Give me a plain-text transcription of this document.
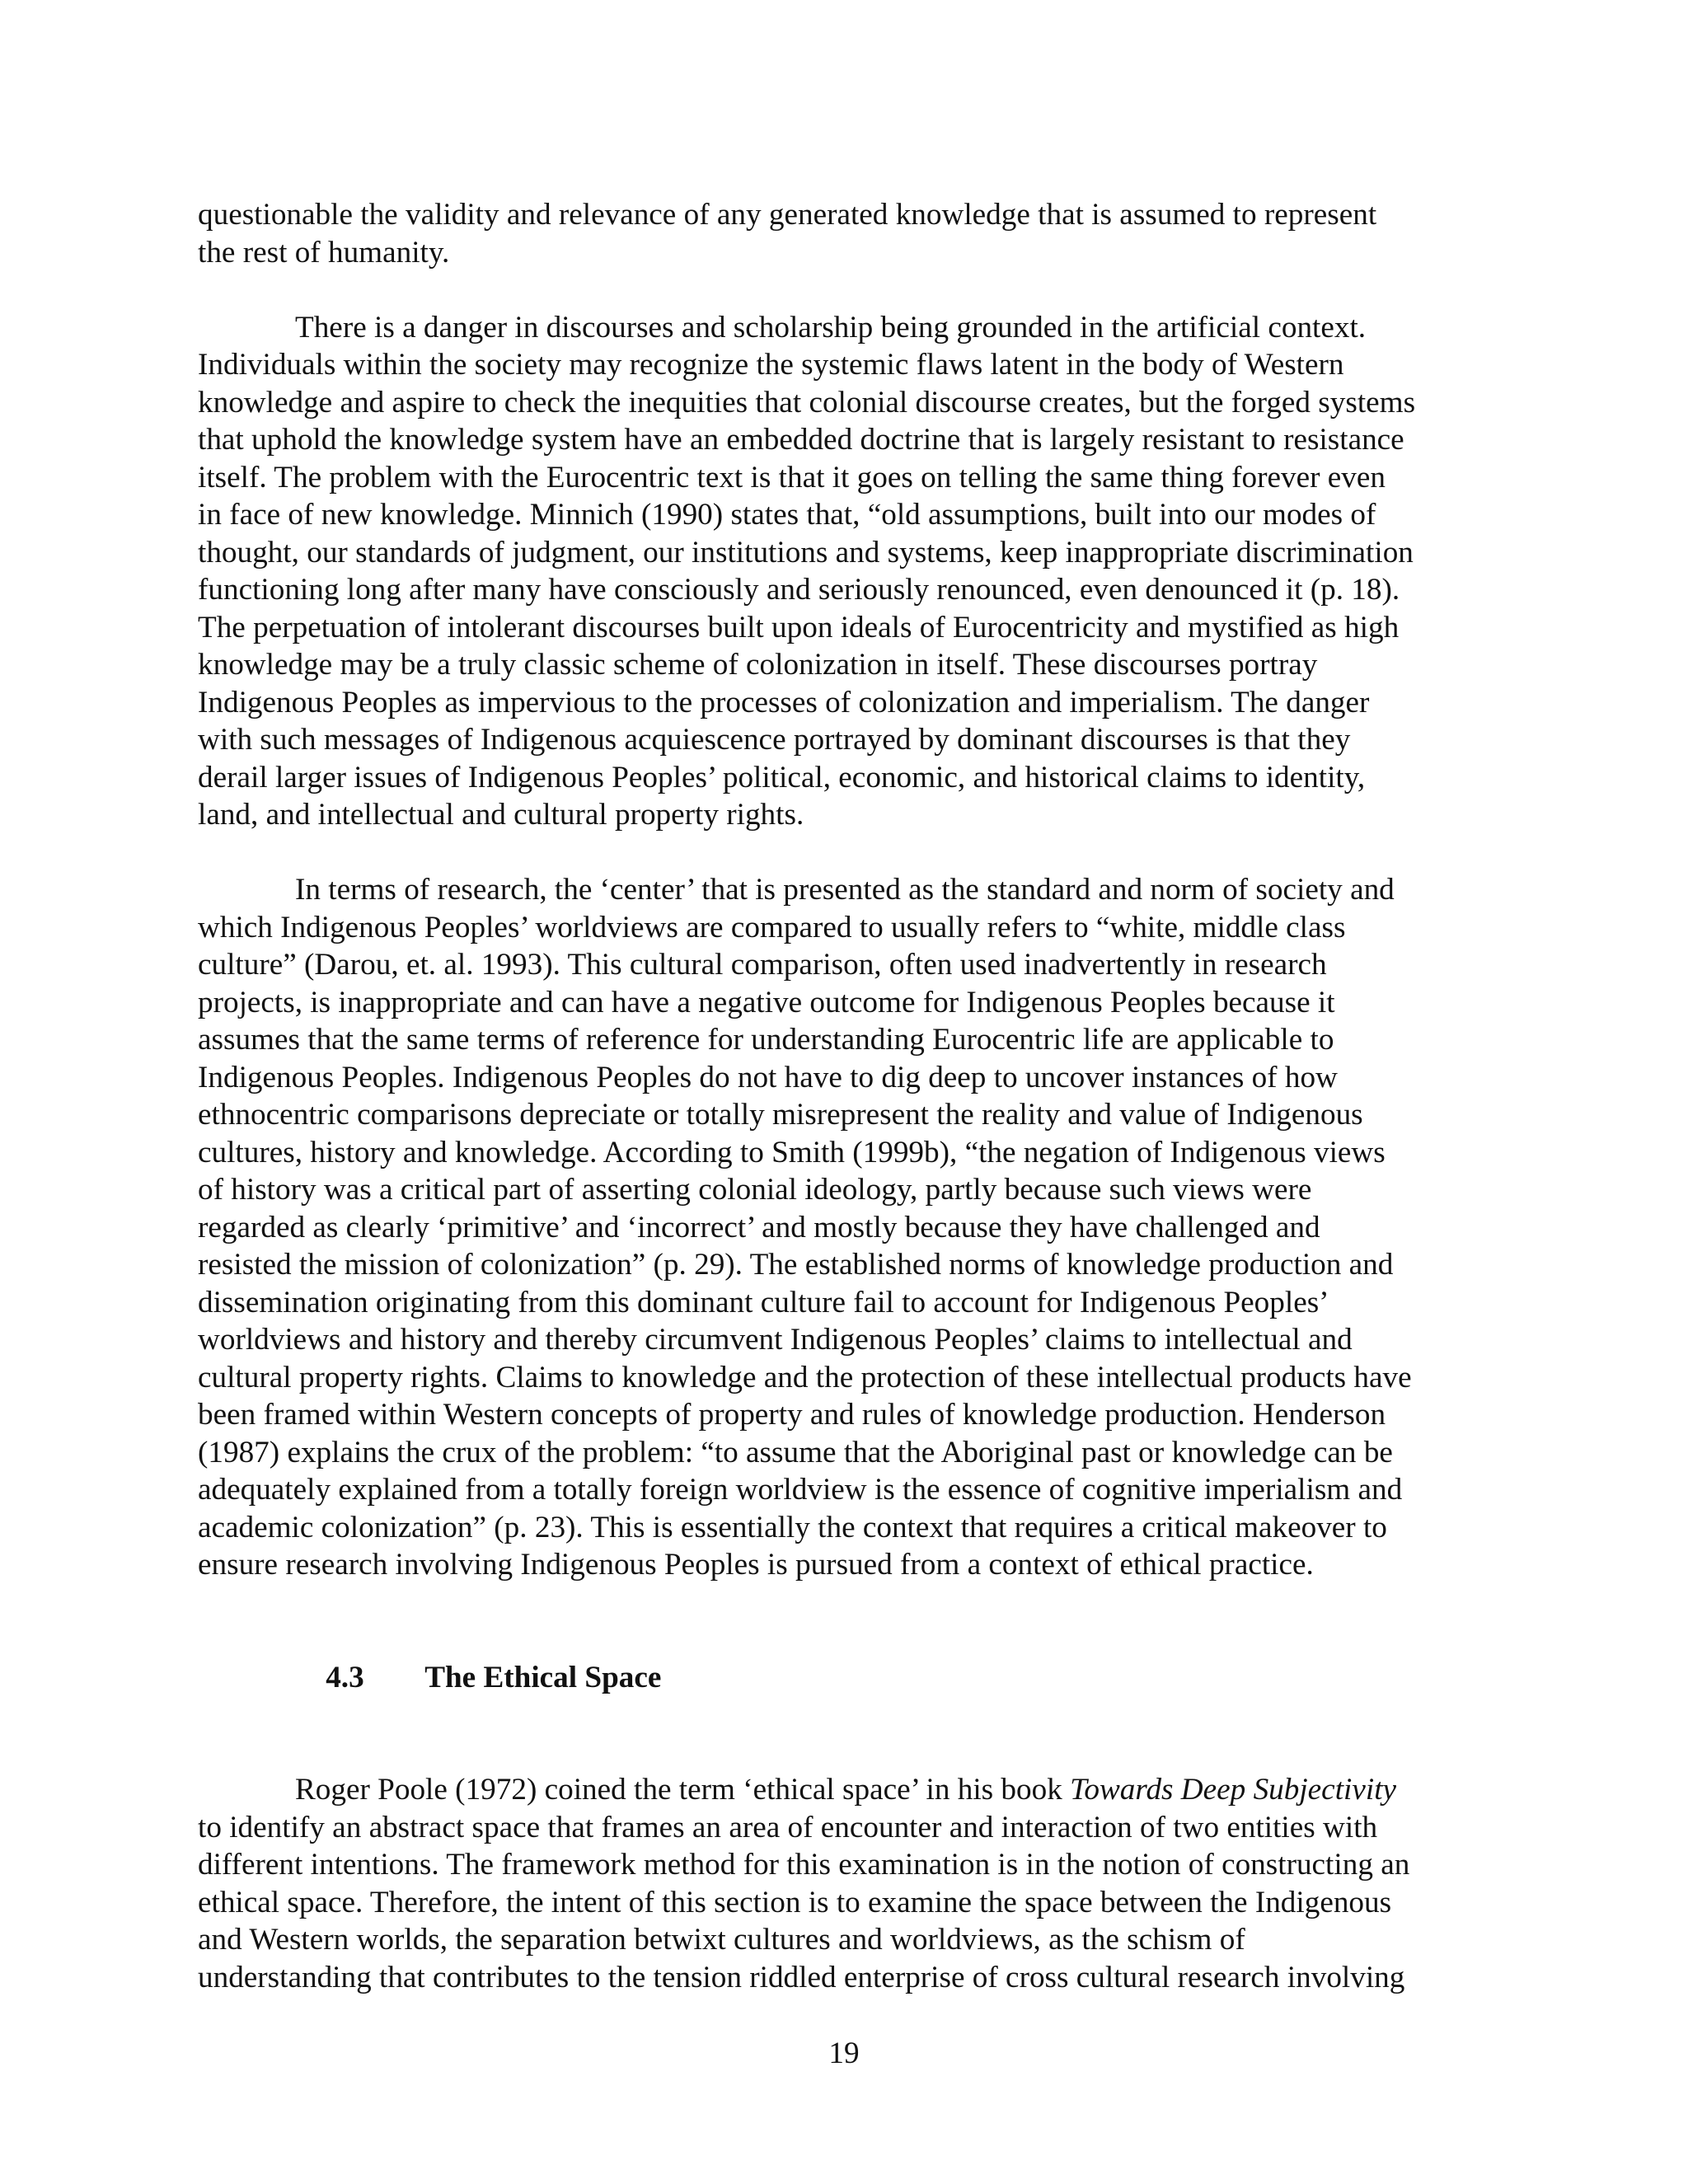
questionable the validity and relevance of any generated knowledge that is assumed to represent
the rest of humanity.
There is a danger in discourses and scholarship being grounded in the artificial context.
Individuals within the society may recognize the systemic flaws latent in the body of Western
knowledge and aspire to check the inequities that colonial discourse creates, but the forged systems
that uphold the knowledge system have an embedded doctrine that is largely resistant to resistance
itself. The problem with the Eurocentric text is that it goes on telling the same thing forever even
in face of new knowledge. Minnich (1990) states that, “old assumptions, built into our modes of
thought, our standards of judgment, our institutions and systems, keep inappropriate discrimination
functioning long after many have consciously and seriously renounced, even denounced it (p. 18).
The perpetuation of intolerant discourses built upon ideals of Eurocentricity and mystified as high
knowledge may be a truly classic scheme of colonization in itself. These discourses portray
Indigenous Peoples as impervious to the processes of colonization and imperialism. The danger
with such messages of Indigenous acquiescence portrayed by dominant discourses is that they
derail larger issues of Indigenous Peoples’ political, economic, and historical claims to identity,
land, and intellectual and cultural property rights.
In terms of research, the ‘center’ that is presented as the standard and norm of society and
which Indigenous Peoples’ worldviews are compared to usually refers to “white, middle class
culture” (Darou, et. al. 1993). This cultural comparison, often used inadvertently in research
projects, is inappropriate and can have a negative outcome for Indigenous Peoples because it
assumes that the same terms of reference for understanding Eurocentric life are applicable to
Indigenous Peoples. Indigenous Peoples do not have to dig deep to uncover instances of how
ethnocentric comparisons depreciate or totally misrepresent the reality and value of Indigenous
cultures, history and knowledge. According to Smith (1999b), “the negation of Indigenous views
of history was a critical part of asserting colonial ideology, partly because such views were
regarded as clearly ‘primitive’ and ‘incorrect’ and mostly because they have challenged and
resisted the mission of colonization” (p. 29). The established norms of knowledge production and
dissemination originating from this dominant culture fail to account for Indigenous Peoples’
worldviews and history and thereby circumvent Indigenous Peoples’ claims to intellectual and
cultural property rights. Claims to knowledge and the protection of these intellectual products have
been framed within Western concepts of property and rules of knowledge production. Henderson
(1987) explains the crux of the problem: “to assume that the Aboriginal past or knowledge can be
adequately explained from a totally foreign worldview is the essence of cognitive imperialism and
academic colonization” (p. 23). This is essentially the context that requires a critical makeover to
ensure research involving Indigenous Peoples is pursued from a context of ethical practice.

4.3 The Ethical Space

Roger Poole (1972) coined the term ‘ethical space’ in his book Towards Deep Subjectivity
to identify an abstract space that frames an area of encounter and interaction of two entities with
different intentions. The framework method for this examination is in the notion of constructing an
ethical space. Therefore, the intent of this section is to examine the space between the Indigenous
and Western worlds, the separation betwixt cultures and worldviews, as the schism of
understanding that contributes to the tension riddled enterprise of cross cultural research involving
19
